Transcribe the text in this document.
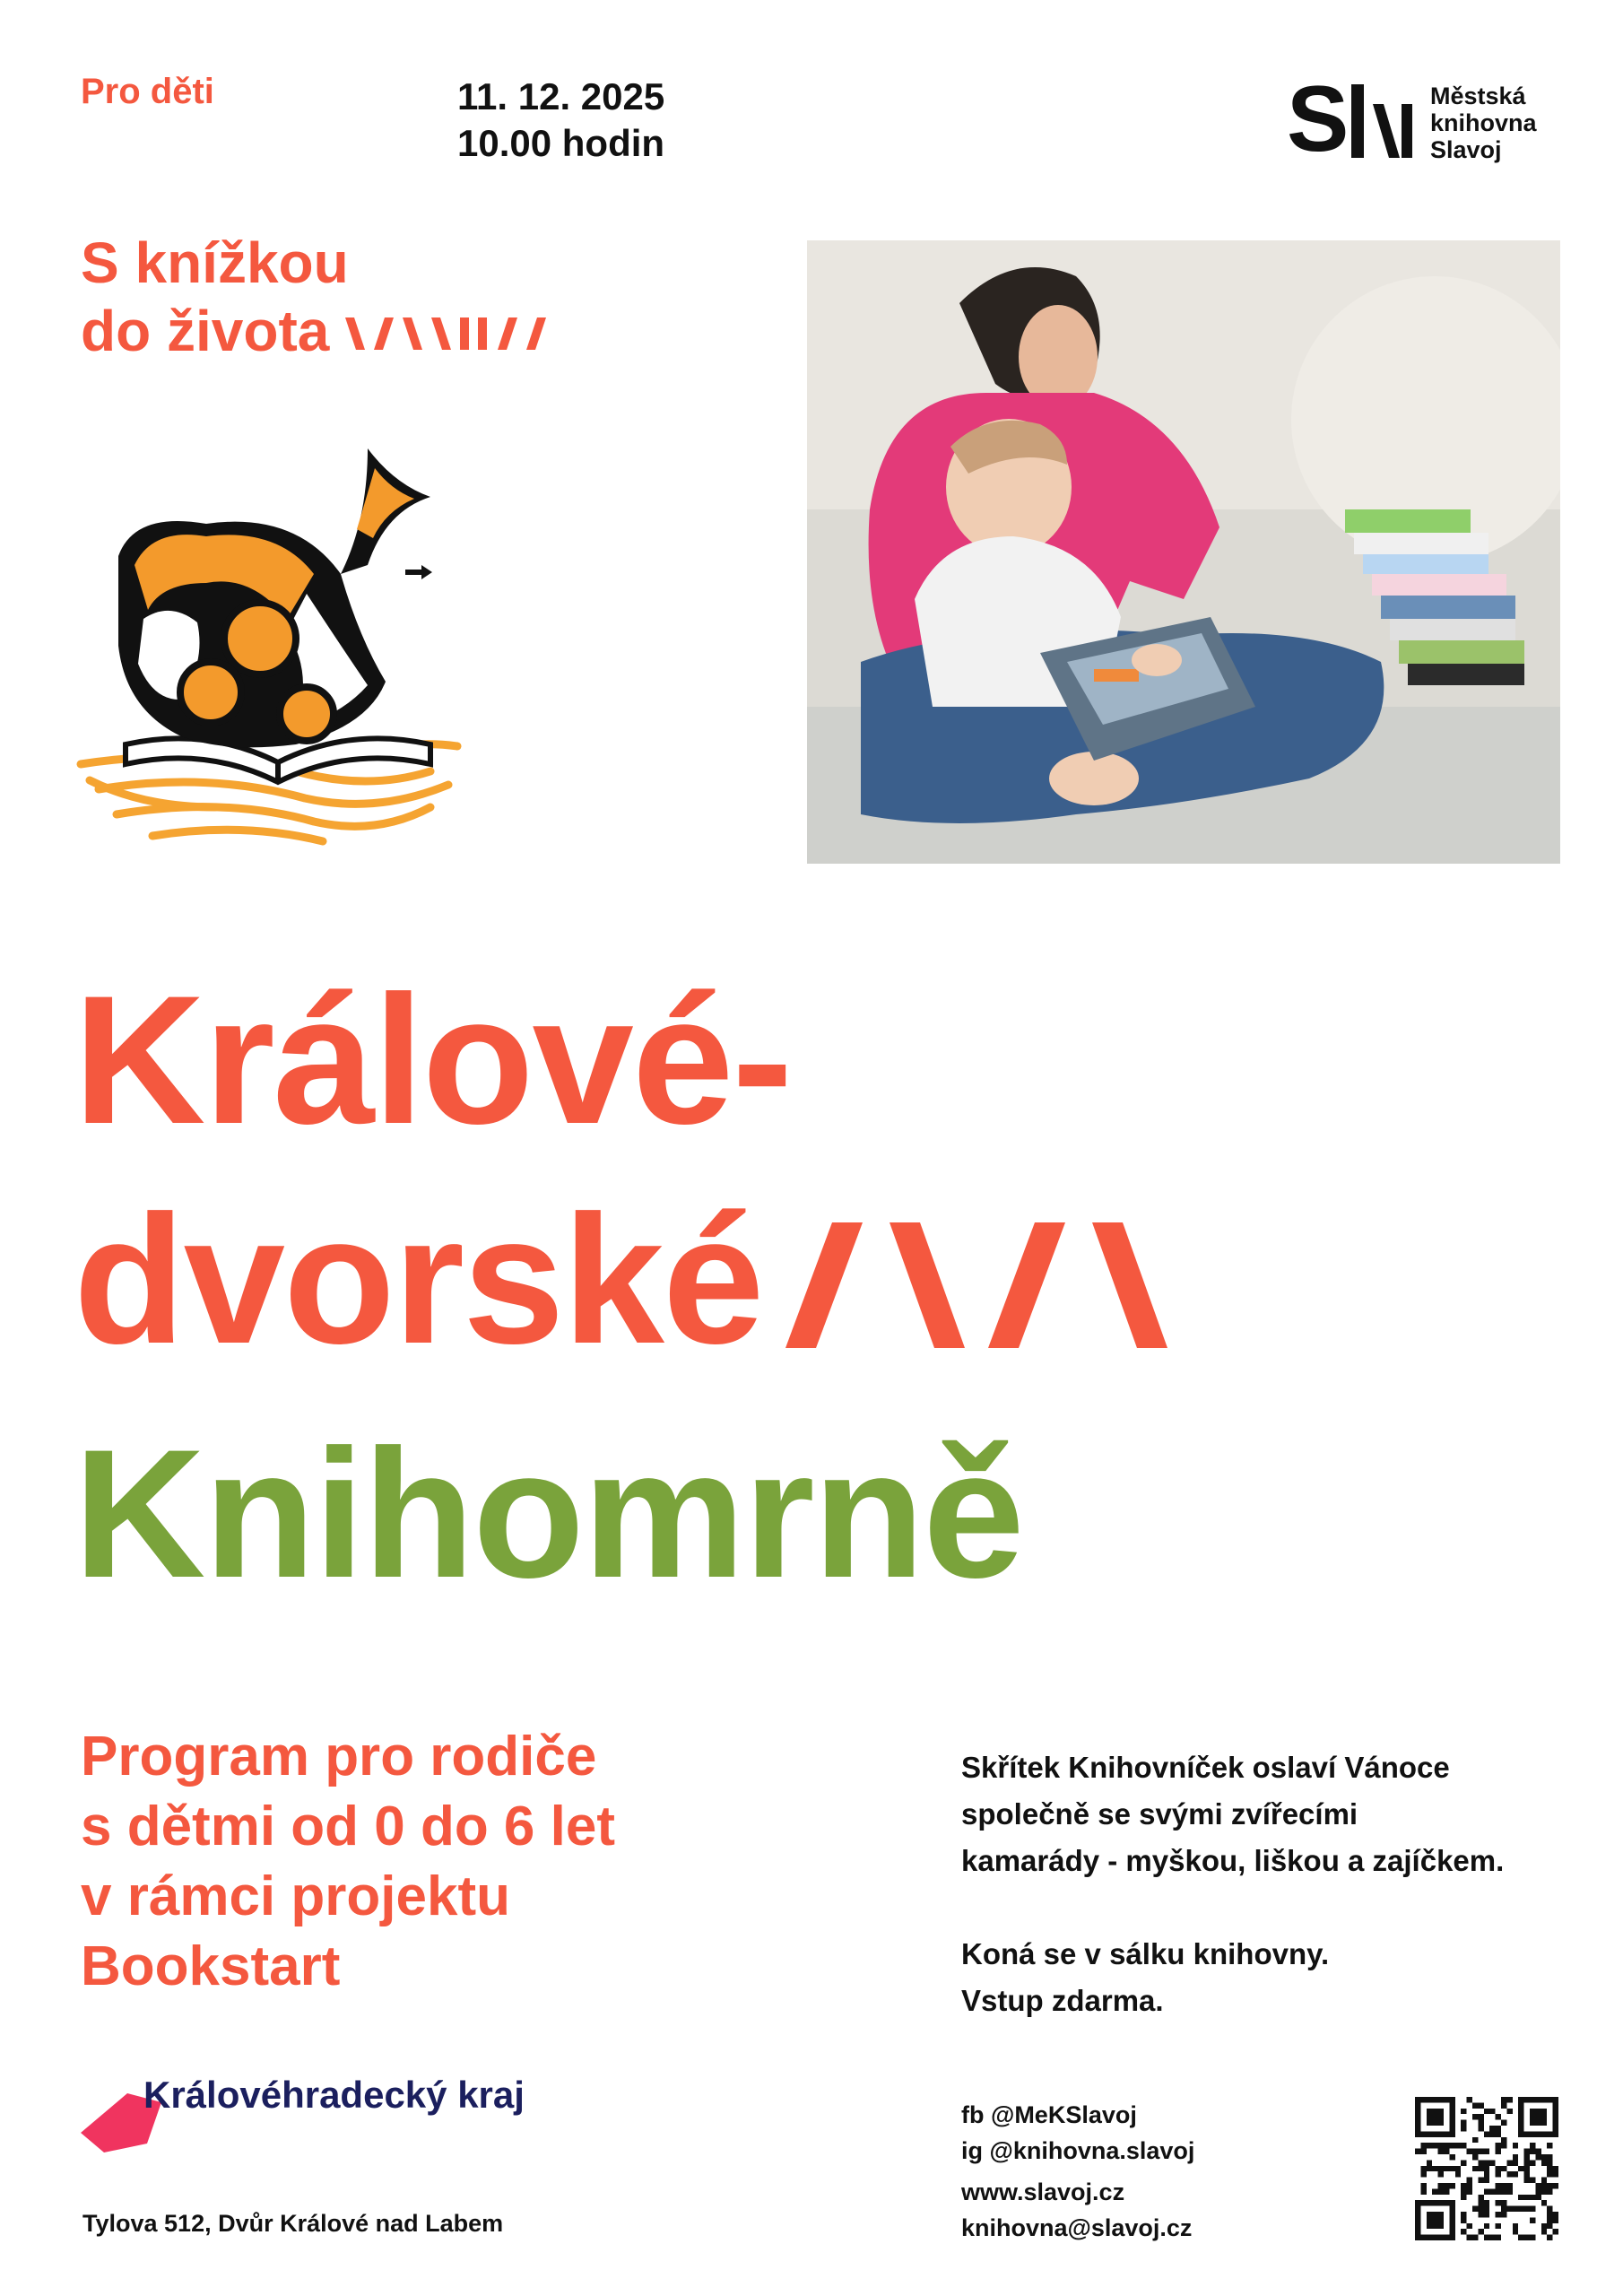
Pro děti	11. 12. 2025
10.00 hodin	S	Městská
knihovna
Slavoj
S knížkou
do života
Králové-
dvorské
Knihomrně
Program pro rodiče
s dětmi od 0 do 6 let
v rámci projektu
Bookstart

Skřítek Knihovníček oslaví Vánoce
společně se svými zvířecími
kamarády - myškou, liškou a zajíčkem.

Koná se v sálku knihovny.
Vstup zdarma.

Královéhradecký kraj
Tylova 512, Dvůr Králové nad Labem
fb @MeKSlavoj
ig @knihovna.slavoj
www.slavoj.cz
knihovna@slavoj.cz
